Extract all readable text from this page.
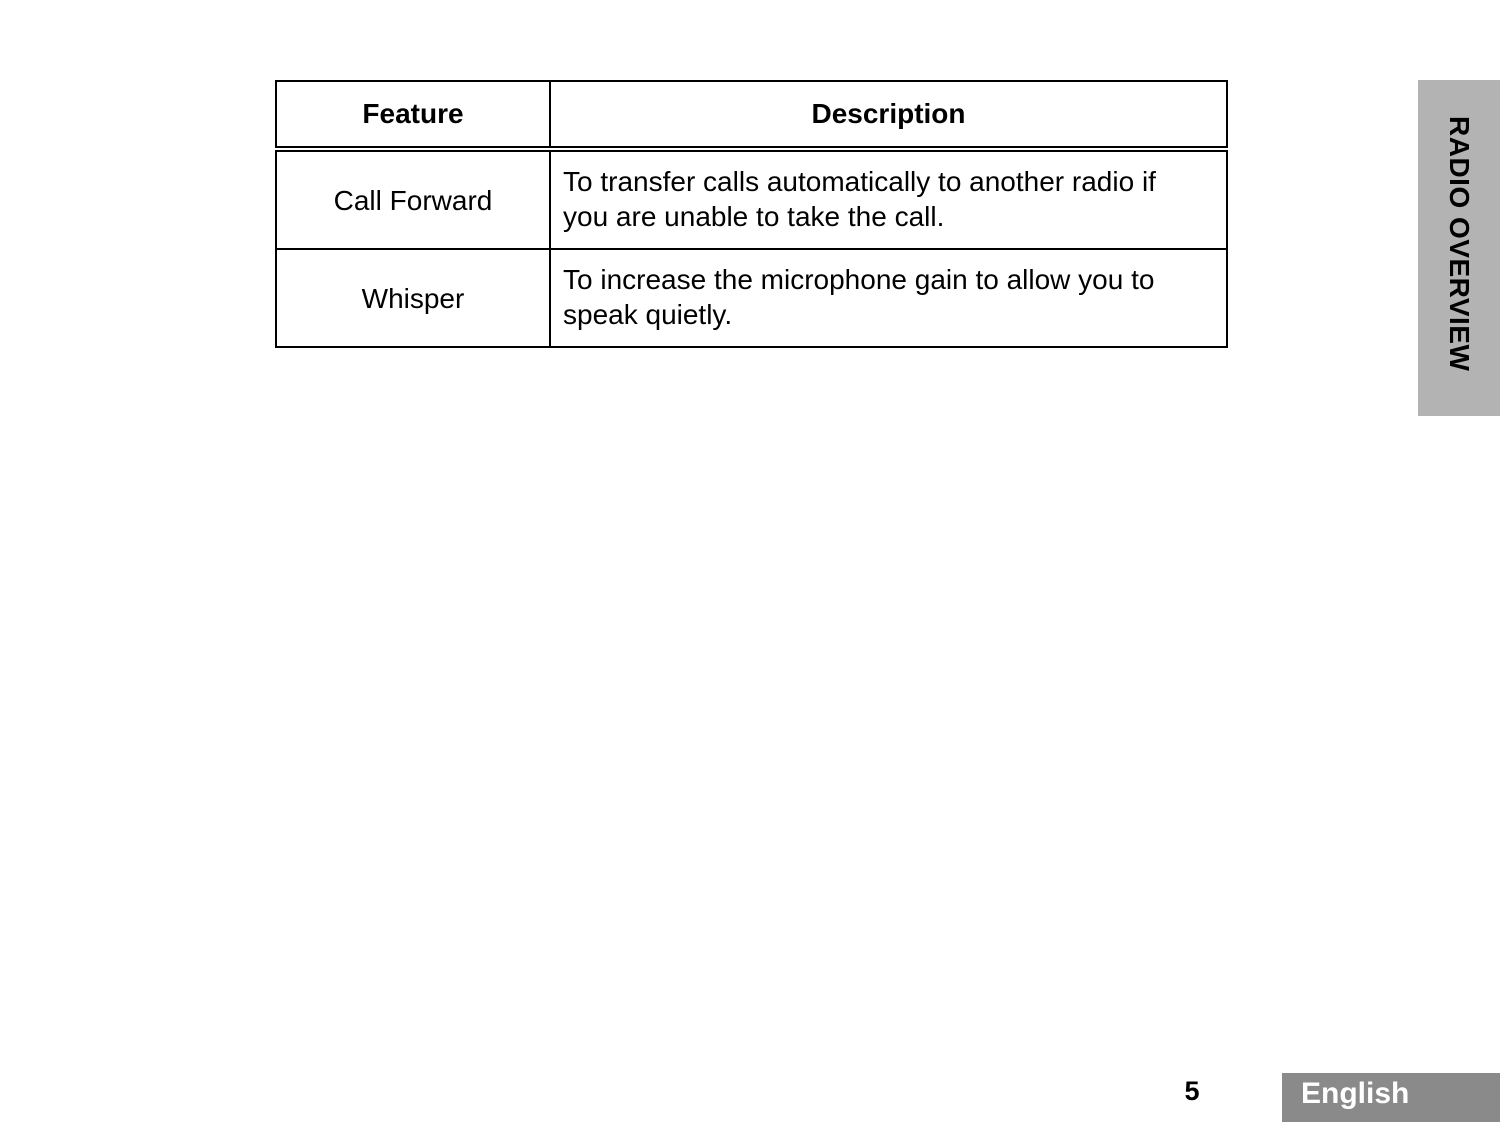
Feature	Description
Call Forward	To transfer calls automatically to another radio if
you are unable to take the call.

Whisper	To increase the microphone gain to allow you to
speak quietly.	RADIO OVERVIEW
5	English
